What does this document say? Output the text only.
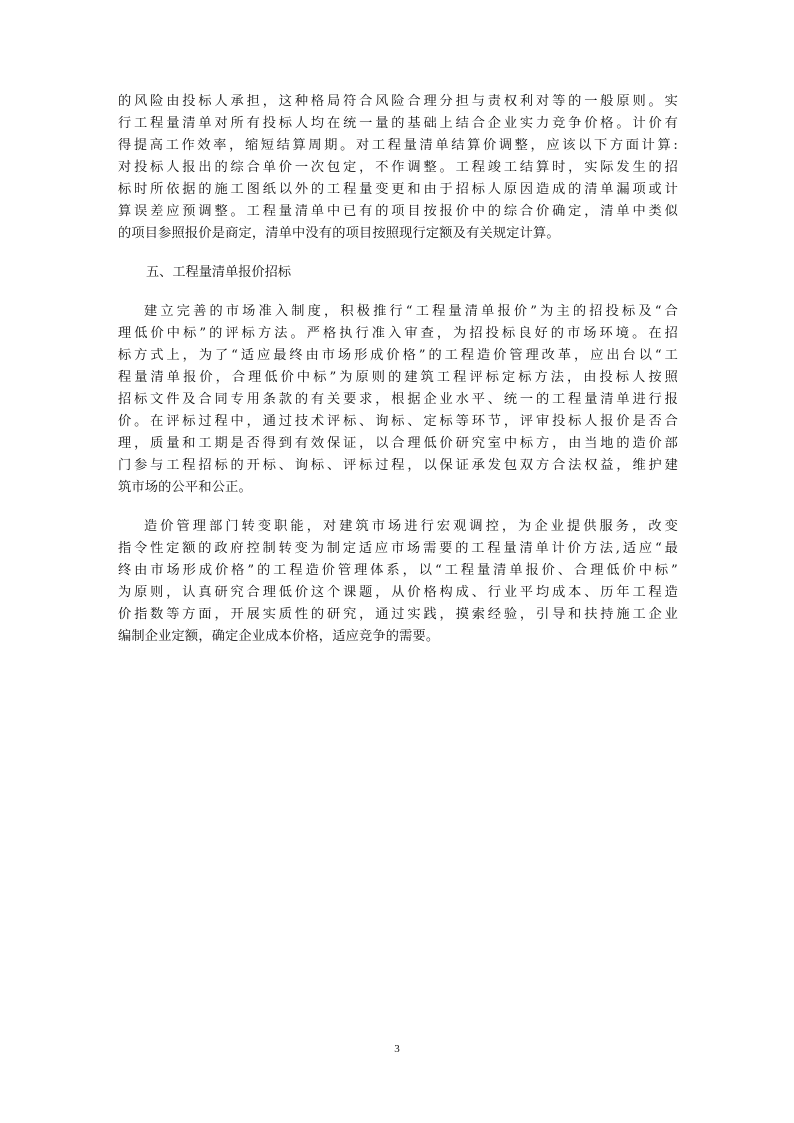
的风险由投标人承担，这种格局符合风险合理分担与责权利对等的一般原则。实
行工程量清单对所有投标人均在统一量的基础上结合企业实力竞争价格。计价有
得提高工作效率，缩短结算周期。对工程量清单结算价调整，应该以下方面计算:
对投标人报出的综合单价一次包定，不作调整。工程竣工结算时，实际发生的招
标时所依据的施工图纸以外的工程量变更和由于招标人原因造成的清单漏项或计
算误差应预调整。工程量清单中已有的项目按报价中的综合价确定，清单中类似
的项目参照报价是商定，清单中没有的项目按照现行定额及有关规定计算。
五、工程量清单报价招标
建立完善的市场准入制度，积极推行“工程量清单报价”为主的招投标及“合
理低价中标”的评标方法。严格执行准入审查，为招投标良好的市场环境。在招
标方式上，为了“适应最终由市场形成价格”的工程造价管理改革，应出台以“工
程量清单报价，合理低价中标”为原则的建筑工程评标定标方法，由投标人按照
招标文件及合同专用条款的有关要求，根据企业水平、统一的工程量清单进行报
价。在评标过程中，通过技术评标、询标、定标等环节，评审投标人报价是否合
理，质量和工期是否得到有效保证，以合理低价研究室中标方，由当地的造价部
门参与工程招标的开标、询标、评标过程，以保证承发包双方合法权益，维护建
筑市场的公平和公正。
造价管理部门转变职能，对建筑市场进行宏观调控，为企业提供服务，改变
指令性定额的政府控制转变为制定适应市场需要的工程量清单计价方法,适应“最
终由市场形成价格”的工程造价管理体系，以“工程量清单报价、合理低价中标”
为原则，认真研究合理低价这个课题，从价格构成、行业平均成本、历年工程造
价指数等方面，开展实质性的研究，通过实践，摸索经验，引导和扶持施工企业
编制企业定额，确定企业成本价格，适应竞争的需要。
3
